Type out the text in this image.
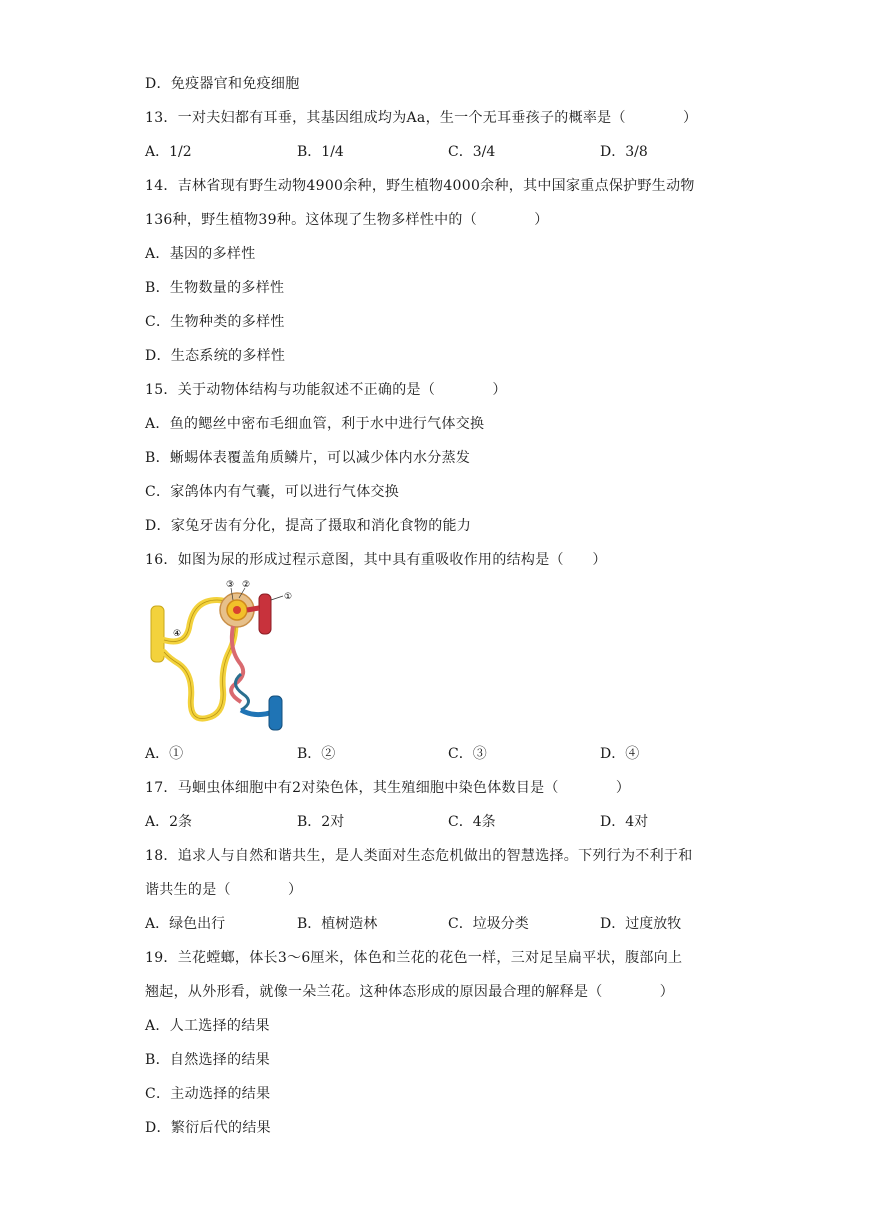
D．免疫器官和免疫细胞
13．一对夫妇都有耳垂，其基因组成均为Aa，生一个无耳垂孩子的概率是（　　　　）
A．1/2	B．1/4	C．3/4	D．3/8
14．吉林省现有野生动物4900余种，野生植物4000余种，其中国家重点保护野生动物
136种，野生植物39种。这体现了生物多样性中的（　　　　）
A．基因的多样性
B．生物数量的多样性
C．生物种类的多样性
D．生态系统的多样性
15．关于动物体结构与功能叙述不正确的是（　　　　）
A．鱼的鳃丝中密布毛细血管，利于水中进行气体交换
B．蜥蜴体表覆盖角质鳞片，可以减少体内水分蒸发
C．家鸽体内有气囊，可以进行气体交换
D．家兔牙齿有分化，提高了摄取和消化食物的能力
16．如图为尿的形成过程示意图，其中具有重吸收作用的结构是（　　）
①
②
③
④
A．①	B．②	C．③	D．④
17．马蛔虫体细胞中有2对染色体，其生殖细胞中染色体数目是（　　　　）
A．2条	B．2对	C．4条	D．4对
18．追求人与自然和谐共生，是人类面对生态危机做出的智慧选择。下列行为不利于和
谐共生的是（　　　　）
A．绿色出行	B．植树造林	C．垃圾分类	D．过度放牧
19．兰花螳螂，体长3～6厘米，体色和兰花的花色一样，三对足呈扁平状，腹部向上
翘起，从外形看，就像一朵兰花。这种体态形成的原因最合理的解释是（　　　　）
A．人工选择的结果
B．自然选择的结果
C．主动选择的结果
D．繁衍后代的结果
